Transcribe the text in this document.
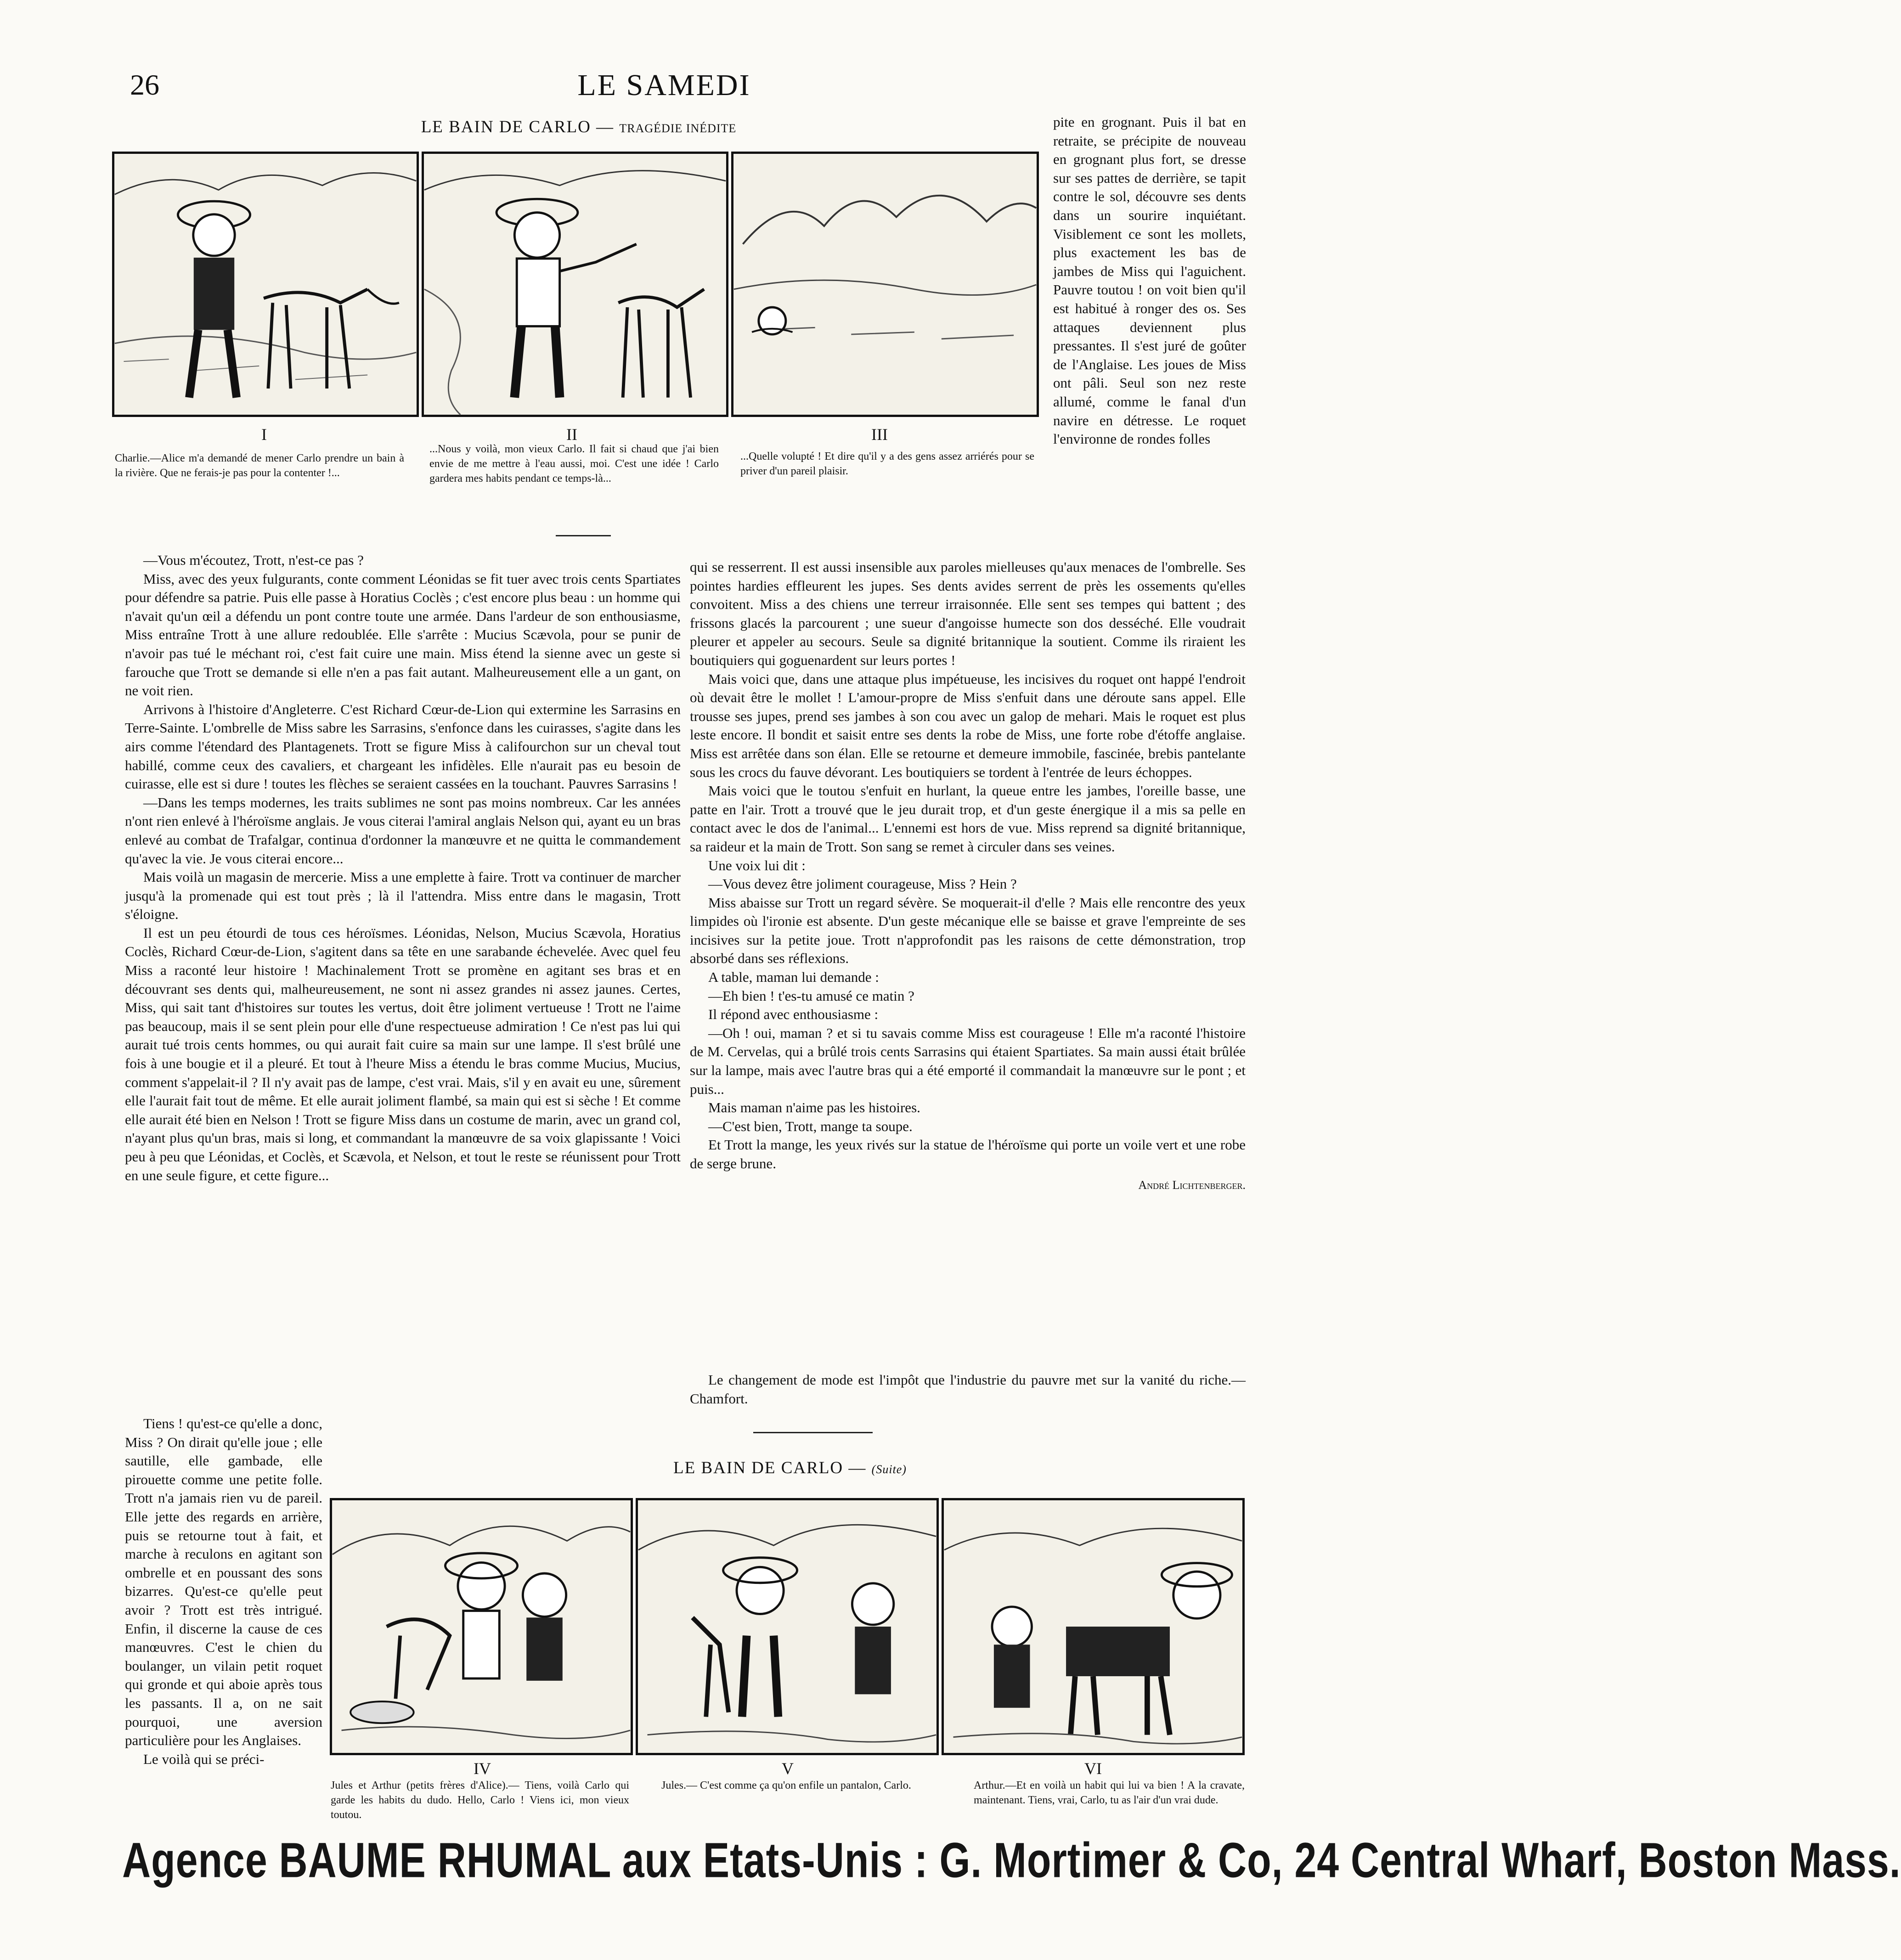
26	LE SAMEDI
LE BAIN DE CARLO — TRAGÉDIE INÉDITE
I	II	III
Charlie.—Alice m'a demandé de mener Carlo prendre un bain à la rivière. Que ne ferais-je pas pour la contenter !...
...Nous y voilà, mon vieux Carlo. Il fait si chaud que j'ai bien envie de me mettre à l'eau aussi, moi. C'est une idée ! Carlo gardera mes habits pendant ce temps-là...
...Quelle volupté ! Et dire qu'il y a des gens assez arriérés pour se priver d'un pareil plaisir.

pite en grognant. Puis il bat en retraite, se précipite de nouveau en grognant plus fort, se dresse sur ses pattes de derrière, se tapit contre le sol, découvre ses dents dans un sourire inquiétant. Visiblement ce sont les mollets, plus exactement les bas de jambes de Miss qui l'aguichent. Pauvre toutou ! on voit bien qu'il est habitué à ronger des os. Ses attaques deviennent plus pressantes. Il s'est juré de goûter de l'Anglaise. Les joues de Miss ont pâli. Seul son nez reste allumé, comme le fanal d'un navire en détresse. Le roquet l'environne de rondes folles

—Vous m'écoutez, Trott, n'est-ce pas ?

Miss, avec des yeux fulgurants, conte comment Léonidas se fit tuer avec trois cents Spartiates pour défendre sa patrie. Puis elle passe à Horatius Coclès ; c'est encore plus beau : un homme qui n'avait qu'un œil a défendu un pont contre toute une armée. Dans l'ardeur de son enthousiasme, Miss entraîne Trott à une allure redoublée. Elle s'arrête : Mucius Scævola, pour se punir de n'avoir pas tué le méchant roi, c'est fait cuire une main. Miss étend la sienne avec un geste si farouche que Trott se demande si elle n'en a pas fait autant. Malheureusement elle a un gant, on ne voit rien.

Arrivons à l'histoire d'Angleterre. C'est Richard Cœur-de-Lion qui extermine les Sarrasins en Terre-Sainte. L'ombrelle de Miss sabre les Sarrasins, s'enfonce dans les cuirasses, s'agite dans les airs comme l'étendard des Plantagenets. Trott se figure Miss à califourchon sur un cheval tout habillé, comme ceux des cavaliers, et chargeant les infidèles. Elle n'aurait pas eu besoin de cuirasse, elle est si dure ! toutes les flèches se seraient cassées en la touchant. Pauvres Sarrasins !

—Dans les temps modernes, les traits sublimes ne sont pas moins nombreux. Car les années n'ont rien enlevé à l'héroïsme anglais. Je vous citerai l'amiral anglais Nelson qui, ayant eu un bras enlevé au combat de Trafalgar, continua d'ordonner la manœuvre et ne quitta le commandement qu'avec la vie. Je vous citerai encore...

Mais voilà un magasin de mercerie. Miss a une emplette à faire. Trott va continuer de marcher jusqu'à la promenade qui est tout près ; là il l'attendra. Miss entre dans le magasin, Trott s'éloigne.

Il est un peu étourdi de tous ces héroïsmes. Léonidas, Nelson, Mucius Scævola, Horatius Coclès, Richard Cœur-de-Lion, s'agitent dans sa tête en une sarabande échevelée. Avec quel feu Miss a raconté leur histoire ! Machinalement Trott se promène en agitant ses bras et en découvrant ses dents qui, malheureusement, ne sont ni assez grandes ni assez jaunes. Certes, Miss, qui sait tant d'histoires sur toutes les vertus, doit être joliment vertueuse ! Trott ne l'aime pas beaucoup, mais il se sent plein pour elle d'une respectueuse admiration ! Ce n'est pas lui qui aurait tué trois cents hommes, ou qui aurait fait cuire sa main sur une lampe. Il s'est brûlé une fois à une bougie et il a pleuré. Et tout à l'heure Miss a étendu le bras comme Mucius, Mucius, comment s'appelait-il ? Il n'y avait pas de lampe, c'est vrai. Mais, s'il y en avait eu une, sûrement elle l'aurait fait tout de même. Et elle aurait joliment flambé, sa main qui est si sèche ! Et comme elle aurait été bien en Nelson ! Trott se figure Miss dans un costume de marin, avec un grand col, n'ayant plus qu'un bras, mais si long, et commandant la manœuvre de sa voix glapissante ! Voici peu à peu que Léonidas, et Coclès, et Scævola, et Nelson, et tout le reste se réunissent pour Trott en une seule figure, et cette figure...

Tiens ! qu'est-ce qu'elle a donc, Miss ? On dirait qu'elle joue ; elle sautille, elle gambade, elle pirouette comme une petite folle. Trott n'a jamais rien vu de pareil. Elle jette des regards en arrière, puis se retourne tout à fait, et marche à reculons en agitant son ombrelle et en poussant des sons bizarres. Qu'est-ce qu'elle peut avoir ? Trott est très intrigué. Enfin, il discerne la cause de ces manœuvres. C'est le chien du boulanger, un vilain petit roquet qui gronde et qui aboie après tous les passants. Il a, on ne sait pourquoi, une aversion particulière pour les Anglaises.

Le voilà qui se préci-

qui se resserrent. Il est aussi insensible aux paroles mielleuses qu'aux menaces de l'ombrelle. Ses pointes hardies effleurent les jupes. Ses dents avides serrent de près les ossements qu'elles convoitent. Miss a des chiens une terreur irraisonnée. Elle sent ses tempes qui battent ; des frissons glacés la parcourent ; une sueur d'angoisse humecte son dos desséché. Elle voudrait pleurer et appeler au secours. Seule sa dignité britannique la soutient. Comme ils riraient les boutiquiers qui goguenardent sur leurs portes !

Mais voici que, dans une attaque plus impétueuse, les incisives du roquet ont happé l'endroit où devait être le mollet ! L'amour-propre de Miss s'enfuit dans une déroute sans appel. Elle trousse ses jupes, prend ses jambes à son cou avec un galop de mehari. Mais le roquet est plus leste encore. Il bondit et saisit entre ses dents la robe de Miss, une forte robe d'étoffe anglaise. Miss est arrêtée dans son élan. Elle se retourne et demeure immobile, fascinée, brebis pantelante sous les crocs du fauve dévorant. Les boutiquiers se tordent à l'entrée de leurs échoppes.

Mais voici que le toutou s'enfuit en hurlant, la queue entre les jambes, l'oreille basse, une patte en l'air. Trott a trouvé que le jeu durait trop, et d'un geste énergique il a mis sa pelle en contact avec le dos de l'animal... L'ennemi est hors de vue. Miss reprend sa dignité britannique, sa raideur et la main de Trott. Son sang se remet à circuler dans ses veines.

Une voix lui dit :

—Vous devez être joliment courageuse, Miss ? Hein ?

Miss abaisse sur Trott un regard sévère. Se moquerait-il d'elle ? Mais elle rencontre des yeux limpides où l'ironie est absente. D'un geste mécanique elle se baisse et grave l'empreinte de ses incisives sur la petite joue. Trott n'approfondit pas les raisons de cette démonstration, trop absorbé dans ses réflexions.

A table, maman lui demande :

—Eh bien ! t'es-tu amusé ce matin ?

Il répond avec enthousiasme :

—Oh ! oui, maman ? et si tu savais comme Miss est courageuse ! Elle m'a raconté l'histoire de M. Cervelas, qui a brûlé trois cents Sarrasins qui étaient Spartiates. Sa main aussi était brûlée sur la lampe, mais avec l'autre bras qui a été emporté il commandait la manœuvre sur le pont ; et puis...

Mais maman n'aime pas les histoires.

—C'est bien, Trott, mange ta soupe.

Et Trott la mange, les yeux rivés sur la statue de l'héroïsme qui porte un voile vert et une robe de serge brune.

André Lichtenberger.

Le changement de mode est l'impôt que l'industrie du pauvre met sur la vanité du riche.—Chamfort.

LE BAIN DE CARLO — (Suite)
IV	V	VI
Jules et Arthur (petits frères d'Alice).— Tiens, voilà Carlo qui garde les habits du dudo. Hello, Carlo ! Viens ici, mon vieux toutou.
Jules.— C'est comme ça qu'on enfile un pantalon, Carlo.	Arthur.—Et en voilà un habit qui lui va bien ! A la cravate, maintenant. Tiens, vrai, Carlo, tu as l'air d'un vrai dude.
Agence BAUME RHUMAL aux Etats-Unis : G. Mortimer & Co, 24 Central Wharf, Boston Mass.
